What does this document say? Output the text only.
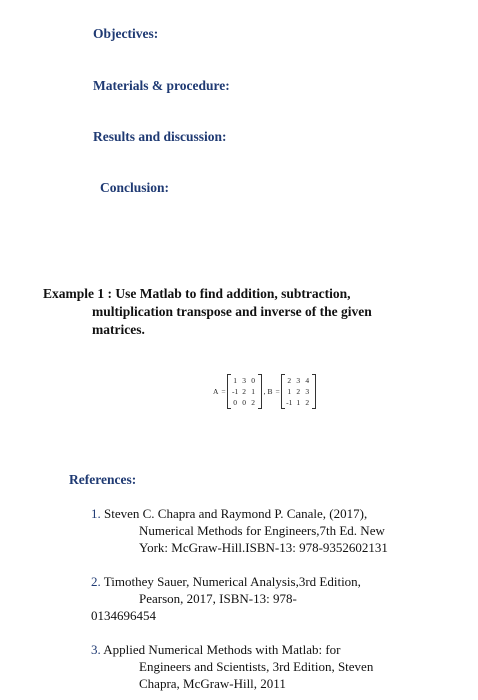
Objectives:
Materials & procedure:
Results and discussion:
Conclusion:
Example 1 : Use Matlab to find addition, subtraction,
multiplication transpose and inverse of the given
matrices.
A =
1 3 0
-1 2 1
0 0 2
, B =
2 3 4
1 2 3
-1 1 2
References:
1. Steven C. Chapra and Raymond P. Canale, (2017),
Numerical Methods for Engineers,7th Ed. New
York: McGraw-Hill.ISBN-13: 978-9352602131
2. Timothey Sauer, Numerical Analysis,3rd Edition,
Pearson, 2017, ISBN-13: 978-
0134696454
3. Applied Numerical Methods with Matlab: for
Engineers and Scientists, 3rd Edition, Steven
Chapra, McGraw-Hill, 2011
